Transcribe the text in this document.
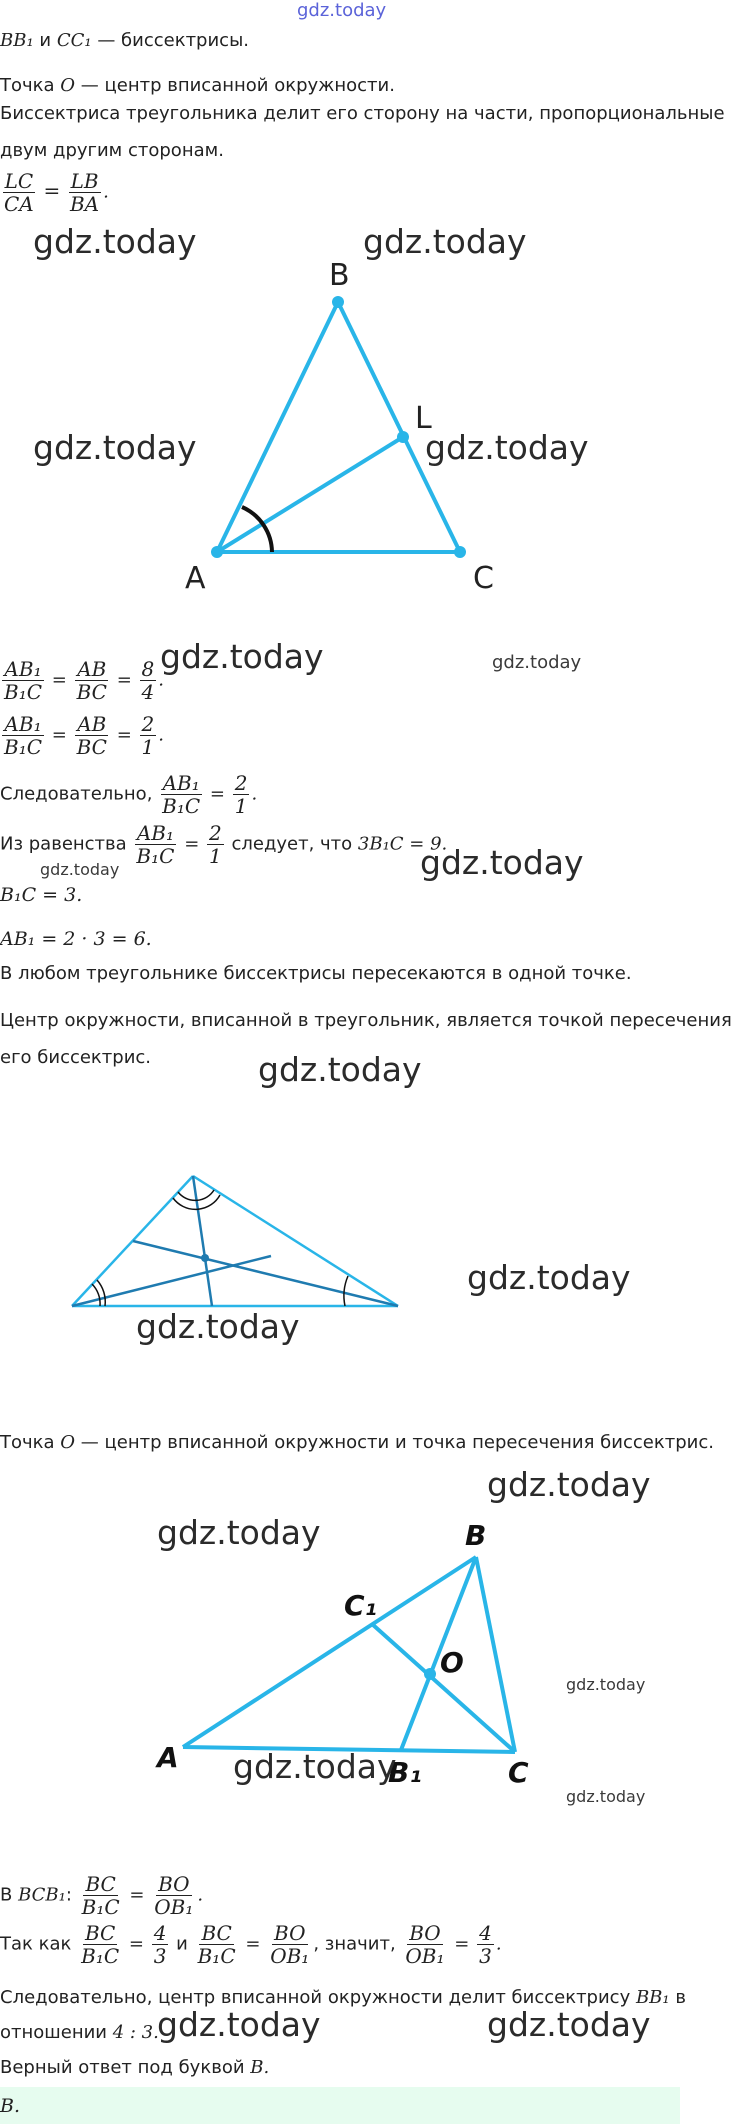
gdz.today
BB₁ и CC₁ — биссектрисы.
Точка O — центр вписанной окружности.
Биссектриса треугольника делит его сторону на части, пропорциональные
двум другим сторонам.
$\frac{LC}{CA} = \frac{LB}{BA}$ .
B
L
A	C
gdz.today	gdz.today
gdz.today	gdz.today
gdz.today	gdz.today
$\frac{\text{AB₁}}{\text{B₁C}} = \frac{AB}{BC} = \frac{8}{4}$ .
$\frac{\text{AB₁}}{\text{B₁C}} = \frac{AB}{BC} = \frac{2}{1}$ .
Следовательно, $\frac{\text{AB₁}}{\text{B₁C}} = \frac{2}{1}$ .
Из равенства $\frac{\text{AB₁}}{\text{B₁C}} = \frac{2}{1}$ следует, что 3B₁C = 9.
gdz.today
gdz.today
B₁C = 3.
AB₁ = 2 · 3 = 6.
В любом треугольнике биссектрисы пересекаются в одной точке.
Центр окружности, вписанной в треугольник, является точкой пересечения
его биссектрис.	gdz.today
gdz.today
gdz.today
Точка O — центр вписанной окружности и точка пересечения биссектрис.
gdz.today
gdz.today	B
C₁
O
A	B₁	C
gdz.today
gdz.today
gdz.today
В BCB₁: $\frac{BC}{\text{B₁C}} = \frac{BO}{\text{OB₁}}$ .
Так как $\frac{BC}{\text{B₁C}} = \frac{4}{3}$ и $\frac{BC}{\text{B₁C}} = \frac{BO}{\text{OB₁}}$ , значит, $\frac{BO}{\text{OB₁}} = \frac{4}{3}$ .
Следовательно, центр вписанной окружности делит биссектрису BB₁ в
отношении 4 : 3.
gdz.today	gdz.today
Верный ответ под буквой B.
B.
